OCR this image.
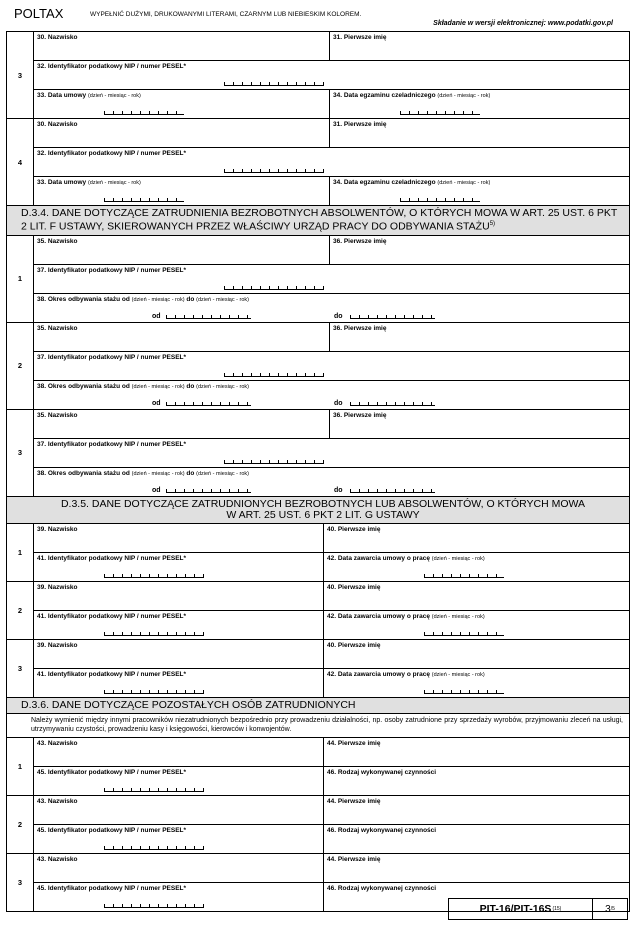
POLTAX	WYPEŁNIĆ DUŻYMI, DRUKOWANYMI LITERAMI, CZARNYM LUB NIEBIESKIM KOLOREM.
Składanie w wersji elektronicznej: www.podatki.gov.pl
3
30. Nazwisko	31. Pierwsze imię
32. Identyfikator podatkowy NIP / numer PESEL*
33. Data umowy (dzień - miesiąc - rok)	34. Data egzaminu czeladniczego (dzień - miesiąc - rok)
4
30. Nazwisko	31. Pierwsze imię
32. Identyfikator podatkowy NIP / numer PESEL*
33. Data umowy (dzień - miesiąc - rok)	34. Data egzaminu czeladniczego (dzień - miesiąc - rok)
D.3.4. DANE DOTYCZĄCE ZATRUDNIENIA BEZROBOTNYCH ABSOLWENTÓW, O KTÓRYCH MOWA W ART. 25 UST. 6 PKT 2 LIT. F USTAWY, SKIEROWANYCH PRZEZ WŁAŚCIWY URZĄD PRACY DO ODBYWANIA STAŻU$^{5)}$
1
35. Nazwisko	36. Pierwsze imię
37. Identyfikator podatkowy NIP / numer PESEL*
38. Okres odbywania stażu od (dzień - miesiąc - rok) do (dzień - miesiąc - rok)
od	do
2
35. Nazwisko	36. Pierwsze imię
37. Identyfikator podatkowy NIP / numer PESEL*
38. Okres odbywania stażu od (dzień - miesiąc - rok) do (dzień - miesiąc - rok)
od	do
3
35. Nazwisko	36. Pierwsze imię
37. Identyfikator podatkowy NIP / numer PESEL*
38. Okres odbywania stażu od (dzień - miesiąc - rok) do (dzień - miesiąc - rok)
od	do
D.3.5. DANE DOTYCZĄCE ZATRUDNIONYCH BEZROBOTNYCH LUB ABSOLWENTÓW, O KTÓRYCH MOWA
W ART. 25 UST. 6 PKT 2 LIT. G USTAWY
1
39. Nazwisko	40. Pierwsze imię
41. Identyfikator podatkowy NIP / numer PESEL*	42. Data zawarcia umowy o pracę (dzień - miesiąc - rok)
2
39. Nazwisko	40. Pierwsze imię
41. Identyfikator podatkowy NIP / numer PESEL*	42. Data zawarcia umowy o pracę (dzień - miesiąc - rok)
3
39. Nazwisko	40. Pierwsze imię
41. Identyfikator podatkowy NIP / numer PESEL*	42. Data zawarcia umowy o pracę (dzień - miesiąc - rok)
D.3.6. DANE DOTYCZĄCE POZOSTAŁYCH OSÓB ZATRUDNIONYCH
Należy wymienić między innymi pracowników niezatrudnionych bezpośrednio przy prowadzeniu działalności, np. osoby zatrudnione przy sprzedaży wyrobów, przyjmowaniu zleceń na usługi, utrzymywaniu czystości, prowadzeniu kasy i księgowości, kierowców i konwojentów.
1
43. Nazwisko	44. Pierwsze imię
45. Identyfikator podatkowy NIP / numer PESEL*	46. Rodzaj wykonywanej czynności
2
43. Nazwisko	44. Pierwsze imię
45. Identyfikator podatkowy NIP / numer PESEL*	46. Rodzaj wykonywanej czynności
3
43. Nazwisko	44. Pierwsze imię
45. Identyfikator podatkowy NIP / numer PESEL*	46. Rodzaj wykonywanej czynności
PIT-16/PIT-16S (15)	3 /5
